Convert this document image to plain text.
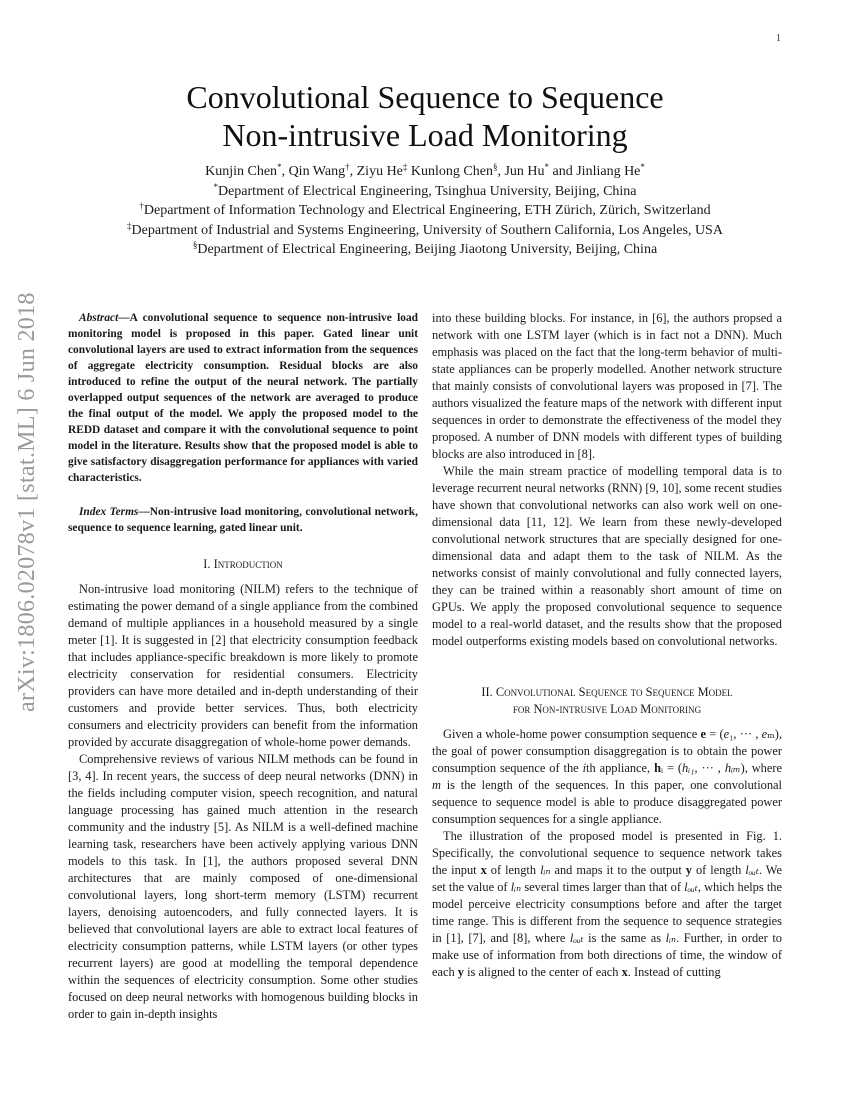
1
arXiv:1806.02078v1 [stat.ML] 6 Jun 2018
Convolutional Sequence to Sequence
Non-intrusive Load Monitoring
Kunjin Chen*, Qin Wang†, Ziyu He‡ Kunlong Chen§, Jun Hu* and Jinliang He*
*Department of Electrical Engineering, Tsinghua University, Beijing, China
†Department of Information Technology and Electrical Engineering, ETH Zürich, Zürich, Switzerland
‡Department of Industrial and Systems Engineering, University of Southern California, Los Angeles, USA
§Department of Electrical Engineering, Beijing Jiaotong University, Beijing, China

Abstract—A convolutional sequence to sequence non-intrusive load monitoring model is proposed in this paper. Gated linear unit convolutional layers are used to extract information from the sequences of aggregate electricity consumption. Residual blocks are also introduced to refine the output of the neural network. The partially overlapped output sequences of the network are averaged to produce the final output of the model. We apply the proposed model to the REDD dataset and compare it with the convolutional sequence to point model in the literature. Results show that the proposed model is able to give satisfactory disaggregation performance for appliances with varied characteristics.

Index Terms—Non-intrusive load monitoring, convolutional network, sequence to sequence learning, gated linear unit.

I. Introduction

Non-intrusive load monitoring (NILM) refers to the technique of estimating the power demand of a single appliance from the combined demand of multiple appliances in a household measured by a single meter [1]. It is suggested in [2] that electricity consumption feedback that includes appliance-specific breakdown is more likely to promote electricity conservation for residential consumers. Electricity providers can have more detailed and in-depth understanding of their customers and provide better services. Thus, both electricity consumers and electricity providers can benefit from the information provided by accurate disaggregation of whole-home power demands.

Comprehensive reviews of various NILM methods can be found in [3, 4]. In recent years, the success of deep neural networks (DNN) in the fields including computer vision, speech recognition, and natural language processing has gained much attention in the research community and the industry [5]. As NILM is a well-defined machine learning task, researchers have been actively applying various DNN models to this task. In [1], the authors proposed several DNN architectures that are mainly composed of one-dimensional convolutional layers, long short-term memory (LSTM) recurrent layers, denoising autoencoders, and fully connected layers. It is believed that convolutional layers are able to extract local features of electricity consumption patterns, while LSTM layers (or other types recurrent layers) are good at modelling the temporal dependence within the sequences of electricity consumption. Some other studies focused on deep neural networks with homogenous building blocks in order to gain in-depth insights

into these building blocks. For instance, in [6], the authors propsed a network with one LSTM layer (which is in fact not a DNN). Much emphasis was placed on the fact that the long-term behavior of multi-state appliances can be properly modelled. Another network structure that mainly consists of convolutional layers was proposed in [7]. The authors visualized the feature maps of the network with different input sequences in order to demonstrate the effectiveness of the model they proposed. A number of DNN models with different types of building blocks are also introduced in [8].

While the main stream practice of modelling temporal data is to leverage recurrent neural networks (RNN) [9, 10], some recent studies have shown that convolutional networks can also work well on one-dimensional data [11, 12]. We learn from these newly-developed convolutional network structures that are specially designed for one-dimensional data and adapt them to the task of NILM. As the networks consist of mainly convolutional and fully connected layers, they can be trained within a reasonably short amount of time on GPUs. We apply the proposed convolutional sequence to sequence model to a real-world dataset, and the results show that the proposed model outperforms existing models based on convolutional networks.

II. Convolutional Sequence to Sequence Model
for Non-intrusive Load Monitoring

Given a whole-home power consumption sequence e = (e₁, ··· , eₘ), the goal of power consumption disaggregation is to obtain the power consumption sequence of the ith appliance, hᵢ = (hᵢ₁, ··· , hᵢₘ), where m is the length of the sequences. In this paper, one convolutional sequence to sequence model is able to produce disaggregated power consumption sequences for a single appliance.

The illustration of the proposed model is presented in Fig. 1. Specifically, the convolutional sequence to sequence network takes the input x of length lᵢₙ and maps it to the output y of length lₒᵤₜ. We set the value of lᵢₙ several times larger than that of lₒᵤₜ, which helps the model perceive electricity consumptions before and after the target time range. This is different from the sequence to sequence strategies in [1], [7], and [8], where lₒᵤₜ is the same as lᵢₙ. Further, in order to make use of information from both directions of time, the window of each y is aligned to the center of each x. Instead of cutting
